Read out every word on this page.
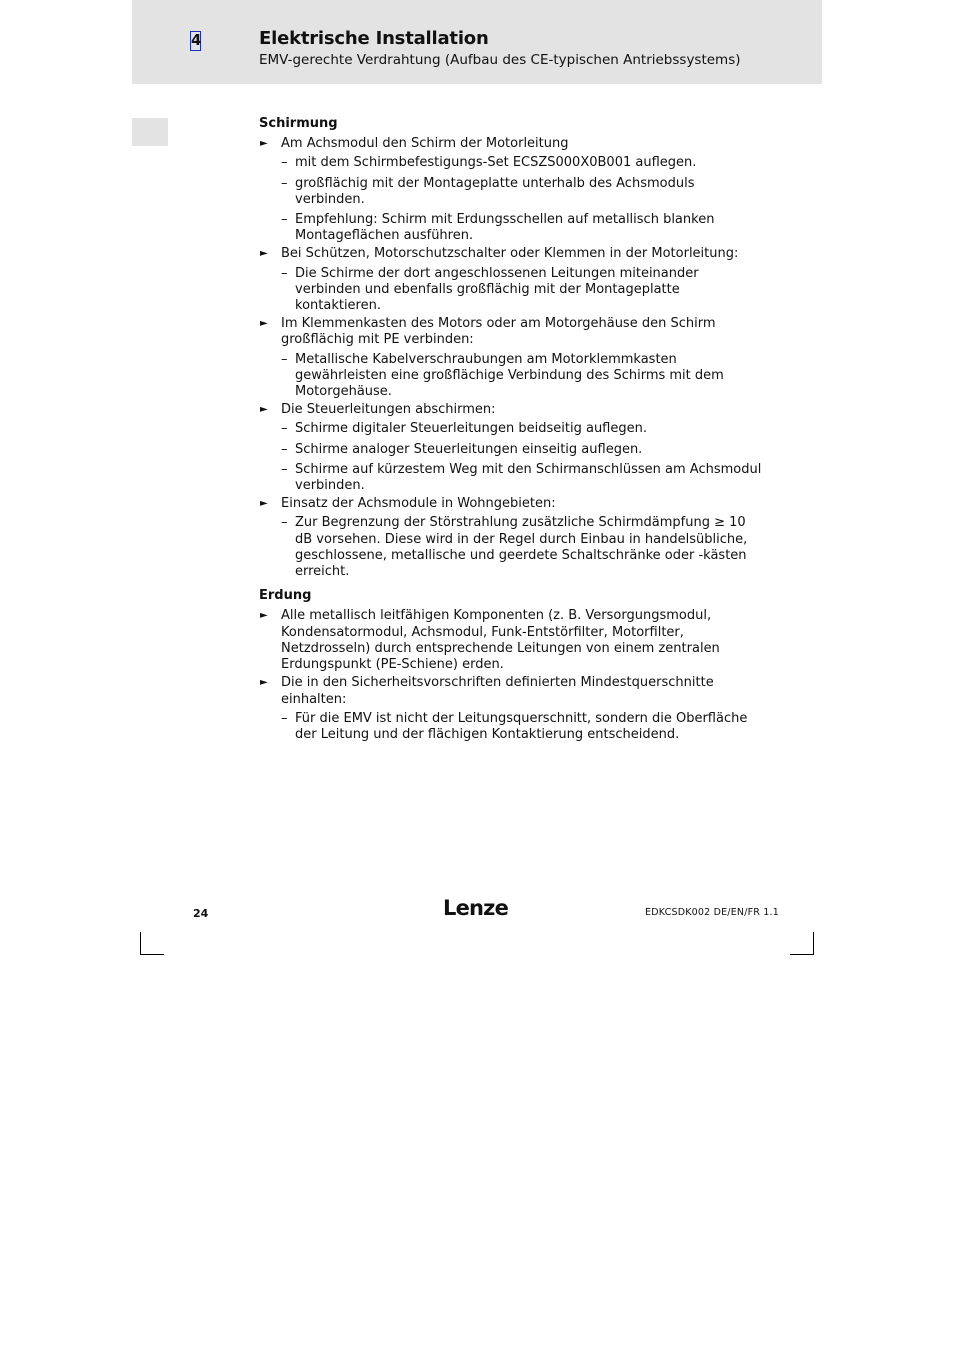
4	Elektrische Installation
EMV-gerechte Verdrahtung (Aufbau des CE-typischen Antriebssystems)
Schirmung
► Am Achsmodul den Schirm der Motorleitung
– mit dem Schirmbefestigungs-Set ECSZS000X0B001 auflegen.
– großflächig mit der Montageplatte unterhalb des Achsmoduls verbinden.
– Empfehlung: Schirm mit Erdungsschellen auf metallisch blanken Montageflächen ausführen.
► Bei Schützen, Motorschutzschalter oder Klemmen in der Motorleitung:
– Die Schirme der dort angeschlossenen Leitungen miteinander verbinden und ebenfalls großflächig mit der Montageplatte kontaktieren.
► Im Klemmenkasten des Motors oder am Motorgehäuse den Schirm großflächig mit PE verbinden:
– Metallische Kabelverschraubungen am Motorklemmkasten gewährleisten eine großflächige Verbindung des Schirms mit dem Motorgehäuse.
► Die Steuerleitungen abschirmen:
– Schirme digitaler Steuerleitungen beidseitig auflegen.
– Schirme analoger Steuerleitungen einseitig auflegen.
– Schirme auf kürzestem Weg mit den Schirmanschlüssen am Achsmodul verbinden.
► Einsatz der Achsmodule in Wohngebieten:
– Zur Begrenzung der Störstrahlung zusätzliche Schirmdämpfung ≥ 10 dB vorsehen. Diese wird in der Regel durch Einbau in handelsübliche, geschlossene, metallische und geerdete Schaltschränke oder -kästen erreicht.
Erdung
► Alle metallisch leitfähigen Komponenten (z. B. Versorgungsmodul, Kondensatormodul, Achsmodul, Funk-Entstörfilter, Motorfilter, Netzdrosseln) durch entsprechende Leitungen von einem zentralen Erdungspunkt (PE-Schiene) erden.
► Die in den Sicherheitsvorschriften definierten Mindestquerschnitte einhalten:
– Für die EMV ist nicht der Leitungsquerschnitt, sondern die Oberfläche der Leitung und der flächigen Kontaktierung entscheidend.
24	Lenze	EDKCSDK002 DE/EN/FR 1.1
